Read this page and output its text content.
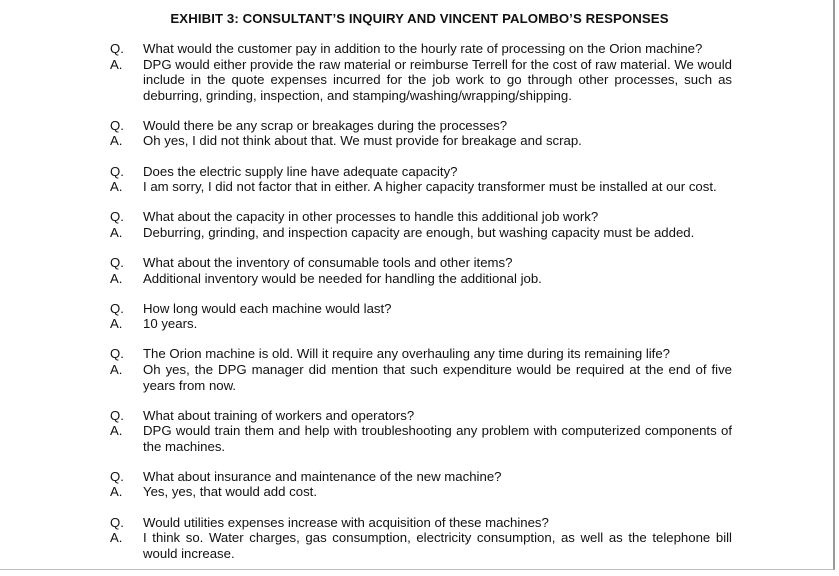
EXHIBIT 3: CONSULTANT’S INQUIRY AND VINCENT PALOMBO’S RESPONSES
Q. What would the customer pay in addition to the hourly rate of processing on the Orion machine?
A. DPG would either provide the raw material or reimburse Terrell for the cost of raw material. We would include in the quote expenses incurred for the job work to go through other processes, such as deburring, grinding, inspection, and stamping/washing/wrapping/shipping.
Q. Would there be any scrap or breakages during the processes?
A. Oh yes, I did not think about that. We must provide for breakage and scrap.
Q. Does the electric supply line have adequate capacity?
A. I am sorry, I did not factor that in either. A higher capacity transformer must be installed at our cost.
Q. What about the capacity in other processes to handle this additional job work?
A. Deburring, grinding, and inspection capacity are enough, but washing capacity must be added.
Q. What about the inventory of consumable tools and other items?
A. Additional inventory would be needed for handling the additional job.
Q. How long would each machine would last?
A. 10 years.
Q. The Orion machine is old. Will it require any overhauling any time during its remaining life?
A. Oh yes, the DPG manager did mention that such expenditure would be required at the end of five years from now.
Q. What about training of workers and operators?
A. DPG would train them and help with troubleshooting any problem with computerized components of the machines.
Q. What about insurance and maintenance of the new machine?
A. Yes, yes, that would add cost.
Q. Would utilities expenses increase with acquisition of these machines?
A. I think so. Water charges, gas consumption, electricity consumption, as well as the telephone bill would increase.
